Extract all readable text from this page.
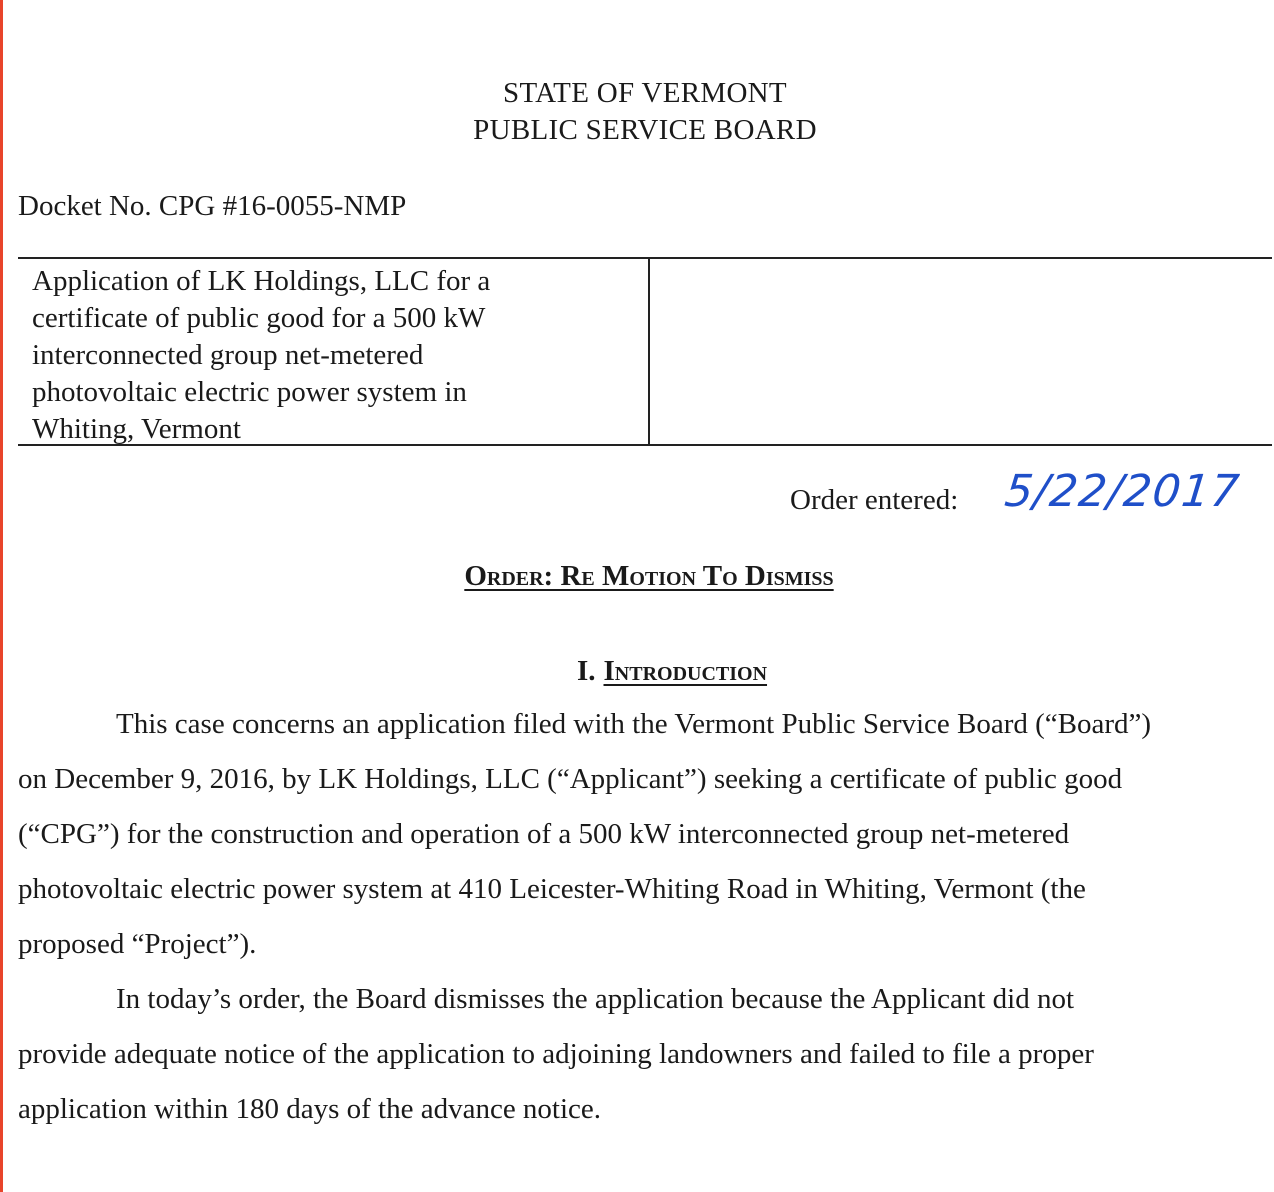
STATE OF VERMONT
PUBLIC SERVICE BOARD
Docket No. CPG #16-0055-NMP

Application of LK Holdings, LLC for a
certificate of public good for a 500 kW
interconnected group net-metered
photovoltaic electric power system in
Whiting, Vermont

Order entered: 5/22/2017
Order: Re Motion To Dismiss
I. Introduction

This case concerns an application filed with the Vermont Public Service Board (“Board”)
on December 9, 2016, by LK Holdings, LLC (“Applicant”) seeking a certificate of public good
(“CPG”) for the construction and operation of a 500 kW interconnected group net-metered
photovoltaic electric power system at 410 Leicester-Whiting Road in Whiting, Vermont (the
proposed “Project”).

In today’s order, the Board dismisses the application because the Applicant did not
provide adequate notice of the application to adjoining landowners and failed to file a proper
application within 180 days of the advance notice.
